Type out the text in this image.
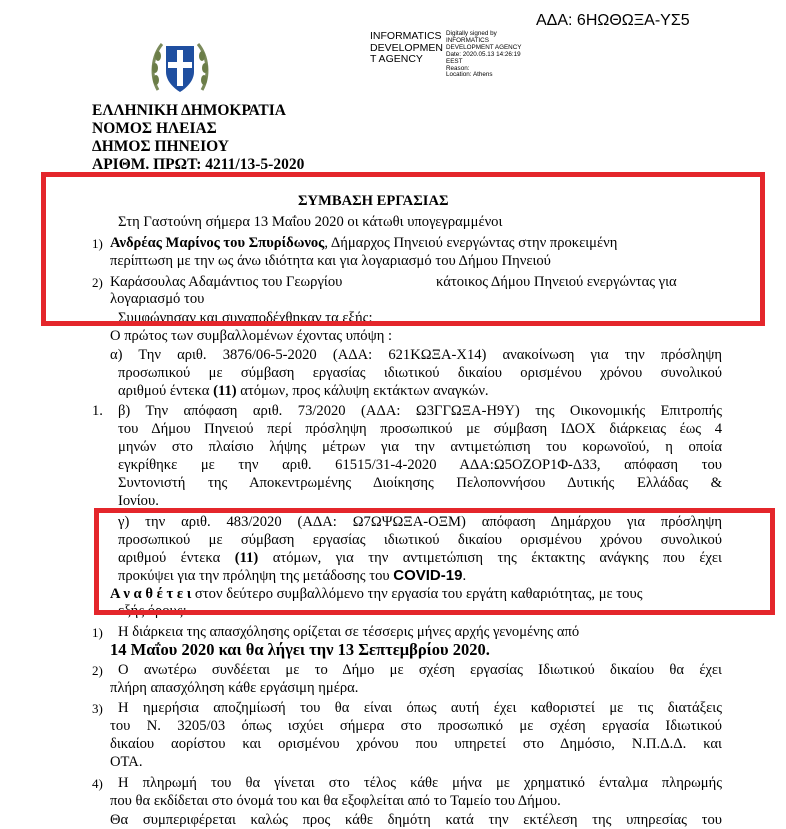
ΑΔΑ: 6ΗΩΘΩΞΑ-ΥΣ5
INFORMATICS
DEVELOPMEN
T AGENCY
Digitally signed by
INFORMATICS
DEVELOPMENT AGENCY
Date: 2020.05.13 14:26:19
EEST
Reason:
Location: Athens
ΕΛΛΗΝΙΚΗ ΔΗΜΟΚΡΑΤΙΑ
ΝΟΜΟΣ ΗΛΕΙΑΣ
ΔΗΜΟΣ ΠΗΝΕΙΟΥ
ΑΡΙΘΜ. ΠΡΩΤ: 4211/13-5-2020
ΣΥΜΒΑΣΗ ΕΡΓΑΣΙΑΣ
Στη Γαστούνη σήμερα 13 Μαΐου 2020 οι κάτωθι υπογεγραμμένοι
1) Ανδρέας Μαρίνος του Σπυρίδωνος, Δήμαρχος Πηνειού ενεργώντας στην προκειμένη
περίπτωση με την ως άνω ιδιότητα και για λογαριασμό του Δήμου Πηνειού
2) Καράσουλας Αδαμάντιος του Γεωργίου	κάτοικος Δήμου Πηνειού ενεργώντας για
λογαριασμό του
Συμφώνησαν και συναποδέχθηκαν τα εξής:
Ο πρώτος των συμβαλλομένων έχοντας υπόψη :
α) Την αριθ. 3876/06-5-2020 (ΑΔΑ: 621ΚΩΞΑ-Χ14) ανακοίνωση για την πρόσληψη
προσωπικού με σύμβαση εργασίας ιδιωτικού δικαίου ορισμένου χρόνου συνολικού
αριθμού έντεκα (11) ατόμων, προς κάλυψη εκτάκτων αναγκών.
1. β) Την απόφαση αριθ. 73/2020 (ΑΔΑ: Ω3ΓΓΩΞΑ-Η9Υ) της Οικονομικής Επιτροπής
του Δήμου Πηνειού περί πρόσληψη προσωπικού με σύμβαση ΙΔΟΧ διάρκειας έως 4
μηνών στο πλαίσιο λήψης μέτρων για την αντιμετώπιση του κορωνοϊού, η οποία
εγκρίθηκε με την αριθ. 61515/31-4-2020 ΑΔΑ:Ω5ΟΖΟΡ1Φ-Δ33, απόφαση του
Συντονιστή της Αποκεντρωμένης Διοίκησης Πελοποννήσου Δυτικής Ελλάδας &
Ιονίου.
γ) την αριθ. 483/2020 (ΑΔΑ: Ω7ΩΨΩΞΑ-ΟΞΜ) απόφαση Δημάρχου για πρόσληψη
προσωπικού με σύμβαση εργασίας ιδιωτικού δικαίου ορισμένου χρόνου συνολικού
αριθμού έντεκα (11) ατόμων, για την αντιμετώπιση της έκτακτης ανάγκης που έχει
προκύψει για την πρόληψη της μετάδοσης του COVID-19.
Α ν α θ έ τ ε ι στον δεύτερο συμβαλλόμενο την εργασία του εργάτη καθαριότητας, με τους
εξής όρους:
1) Η διάρκεια της απασχόλησης ορίζεται σε τέσσερις μήνες αρχής γενομένης από
14 Μαΐου 2020 και θα λήγει την 13 Σεπτεμβρίου 2020.
2) Ο ανωτέρω συνδέεται με το Δήμο με σχέση εργασίας Ιδιωτικού δικαίου θα έχει
πλήρη απασχόληση κάθε εργάσιμη ημέρα.
3) Η ημερήσια αποζημίωσή του θα είναι όπως αυτή έχει καθοριστεί με τις διατάξεις
του Ν. 3205/03 όπως ισχύει σήμερα στο προσωπικό με σχέση εργασία Ιδιωτικού
δικαίου αορίστου και ορισμένου χρόνου που υπηρετεί στο Δημόσιο, Ν.Π.Δ.Δ. και
ΟΤΑ.
4) Η πληρωμή του θα γίνεται στο τέλος κάθε μήνα με χρηματικό ένταλμα πληρωμής
που θα εκδίδεται στο όνομά του και θα εξοφλείται από το Ταμείο του Δήμου.
Θα συμπεριφέρεται καλώς προς κάθε δημότη κατά την εκτέλεση της υπηρεσίας του
